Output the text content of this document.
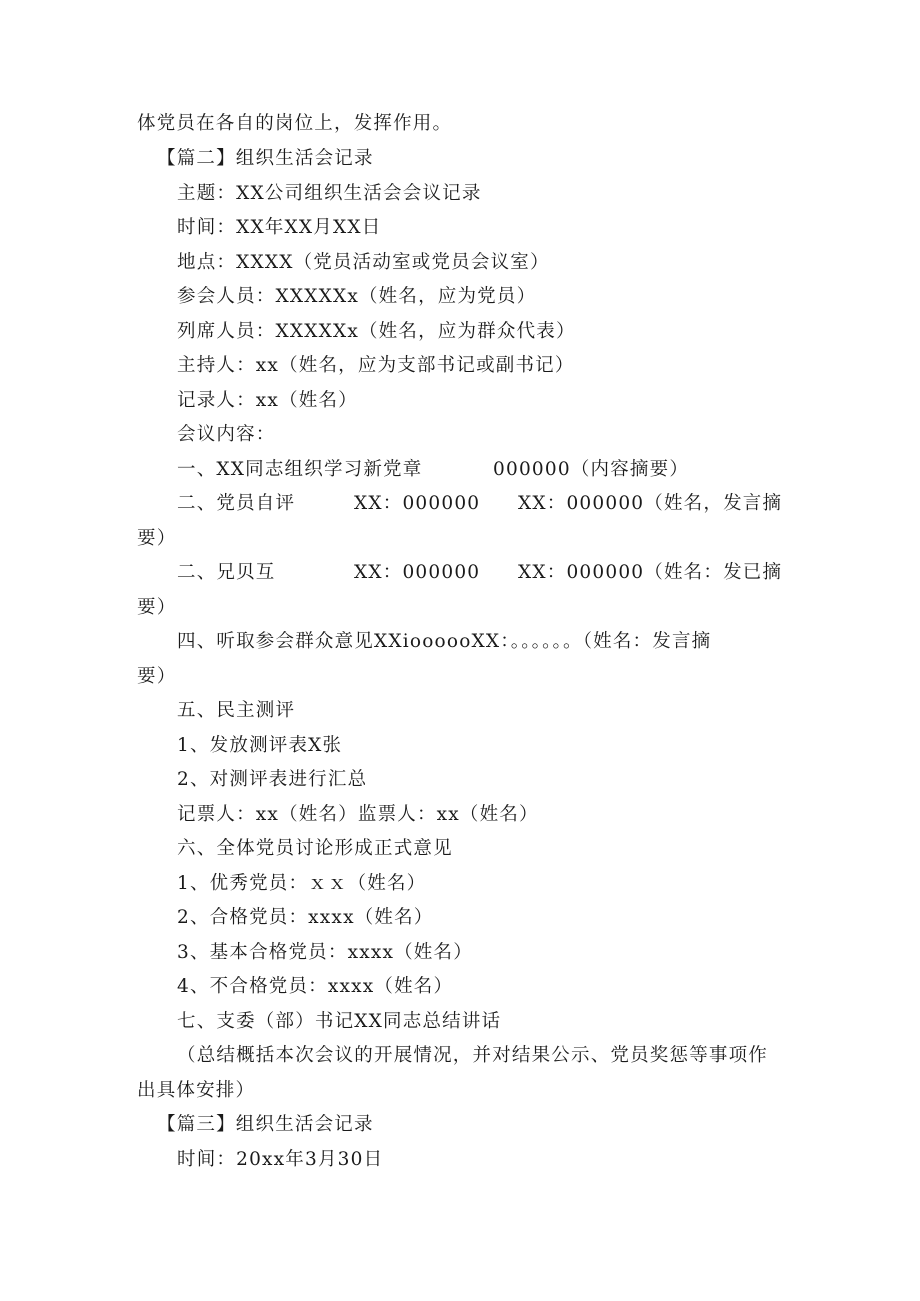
体党员在各自的岗位上，发挥作用。
【篇二】组织生活会记录
主题：XX公司组织生活会会议记录
时间：XX年XX月XX日
地点：XXXX（党员活动室或党员会议室）
参会人员：XXXXXx（姓名，应为党员）
列席人员：XXXXXx（姓名，应为群众代表）
主持人：xx（姓名，应为支部书记或副书记）
记录人：xx（姓名）
会议内容：
一、XX同志组织学习新党章	000000（内容摘要）
二、党员自评	XX：000000 XX：000000（姓名，发言摘
要）
二、兄贝互	XX：000000 XX：000000（姓名：发已摘
要）
四、听取参会群众意见XXioooooXX：。。。。。。（姓名：发言摘
要）
五、民主测评
1、发放测评表X张
2、对测评表进行汇总
记票人：xx（姓名）监票人：xx（姓名）
六、全体党员讨论形成正式意见
1、优秀党员：ｘｘ（姓名）
2、合格党员：xxxx（姓名）
3、基本合格党员：xxxx（姓名）
4、不合格党员：xxxx（姓名）
七、支委（部）书记XX同志总结讲话
（总结概括本次会议的开展情况，并对结果公示、党员奖惩等事项作
出具体安排）
【篇三】组织生活会记录
时间：20xx年3月30日
